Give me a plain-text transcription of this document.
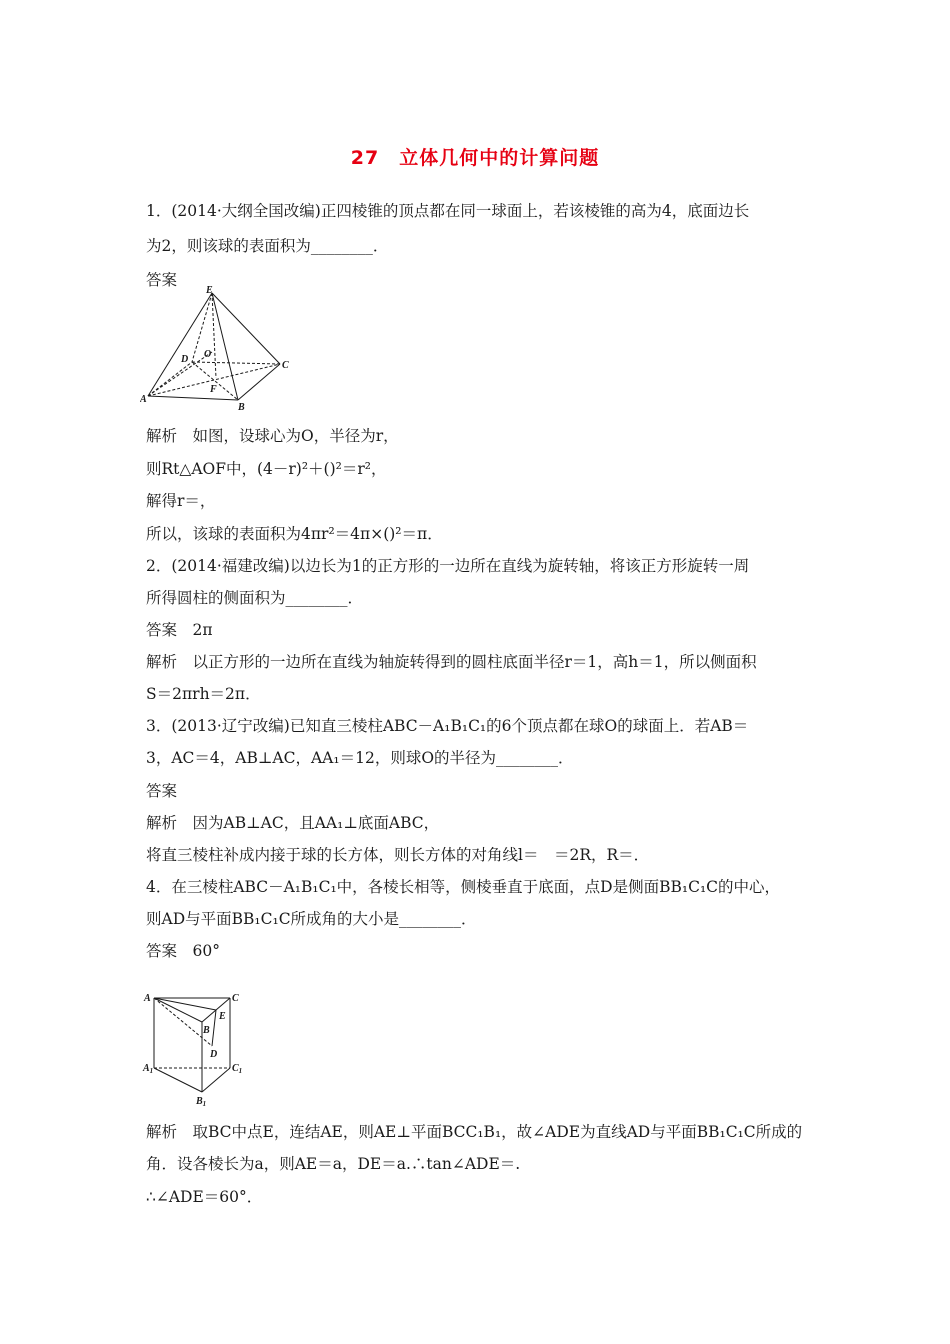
27　立体几何中的计算问题
1．(2014·大纲全国改编)正四棱锥的顶点都在同一球面上，若该棱锥的高为4，底面边长
为2，则该球的表面积为________．
答案
E
D O
C
F
A
B
解析　如图，设球心为O，半径为r，
则Rt△AOF中，(4－r)²＋()²＝r²，
解得r＝，
所以，该球的表面积为4πr²＝4π×()²＝π．
2．(2014·福建改编)以边长为1的正方形的一边所在直线为旋转轴，将该正方形旋转一周
所得圆柱的侧面积为________．
答案　2π
解析　以正方形的一边所在直线为轴旋转得到的圆柱底面半径r＝1，高h＝1，所以侧面积
S＝2πrh＝2π．
3．(2013·辽宁改编)已知直三棱柱ABC－A₁B₁C₁的6个顶点都在球O的球面上．若AB＝
3，AC＝4，AB⊥AC，AA₁＝12，则球O的半径为________．
答案
解析　因为AB⊥AC，且AA₁⊥底面ABC，
将直三棱柱补成内接于球的长方体，则长方体的对角线l＝　＝2R，R＝．
4．在三棱柱ABC－A₁B₁C₁中，各棱长相等，侧棱垂直于底面，点D是侧面BB₁C₁C的中心，
则AD与平面BB₁C₁C所成角的大小是________．
答案　60°
A	C
E
B
D
$A_1$	$C_1$
$B_1$
解析　取BC中点E，连结AE，则AE⊥平面BCC₁B₁，故∠ADE为直线AD与平面BB₁C₁C所成的
角．设各棱长为a，则AE＝a，DE＝a.∴tan∠ADE＝.
∴∠ADE＝60°．
